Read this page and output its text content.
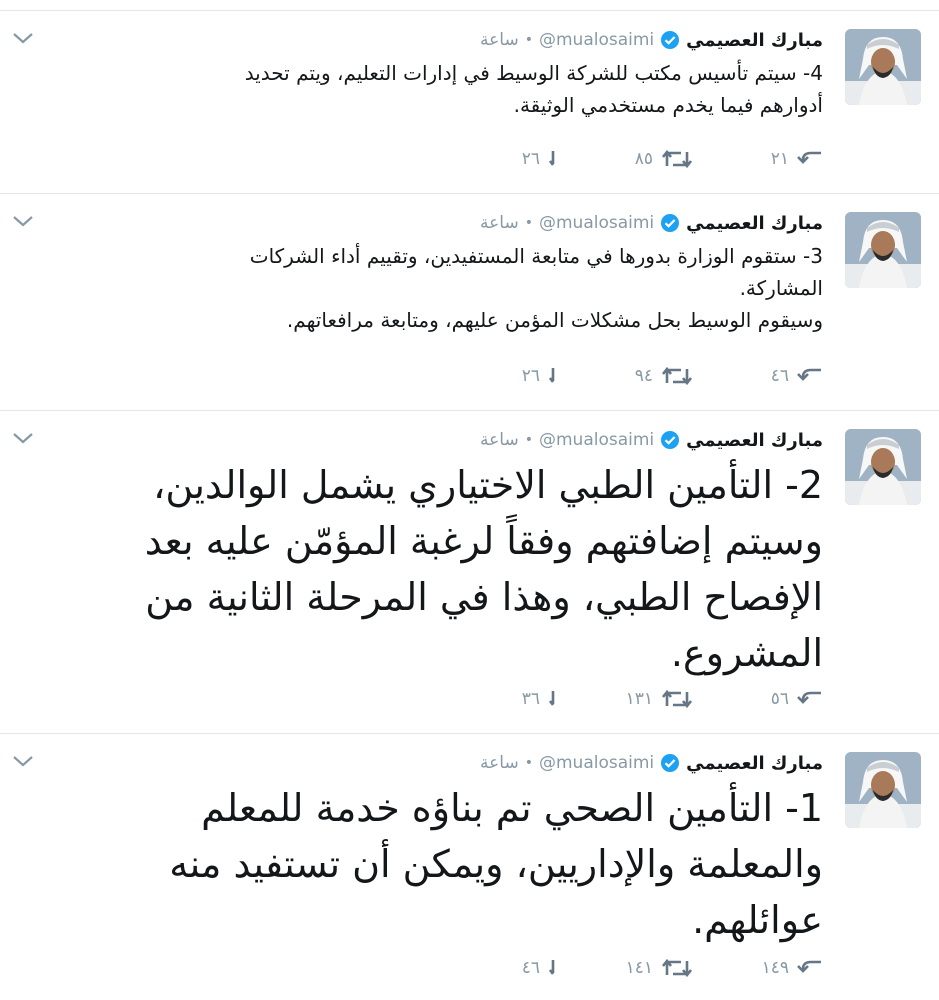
مبارك العصيمي
@mualosaimi
•
ساعة
4- سيتم تأسيس مكتب للشركة الوسيط في إدارات التعليم، ويتم تحديد
أدوارهم فيما يخدم مستخدمي الوثيقة.
٢١
٨٥
٢٦
مبارك العصيمي
@mualosaimi
•
ساعة
3- ستقوم الوزارة بدورها في متابعة المستفيدين، وتقييم أداء الشركات
المشاركة.
وسيقوم الوسيط بحل مشكلات المؤمن عليهم، ومتابعة مرافعاتهم.
٤٦
٩٤
٢٦
مبارك العصيمي
@mualosaimi
•
ساعة
2- التأمين الطبي الاختياري يشمل الوالدين،
وسيتم إضافتهم وفقاً لرغبة المؤمّن عليه بعد
الإفصاح الطبي، وهذا في المرحلة الثانية من
المشروع.
٥٦
١٣١
٣٦
مبارك العصيمي
@mualosaimi
•
ساعة
1- التأمين الصحي تم بناؤه خدمة للمعلم
والمعلمة والإداريين، ويمكن أن تستفيد منه
عوائلهم.
١٤٩
١٤١
٤٦
